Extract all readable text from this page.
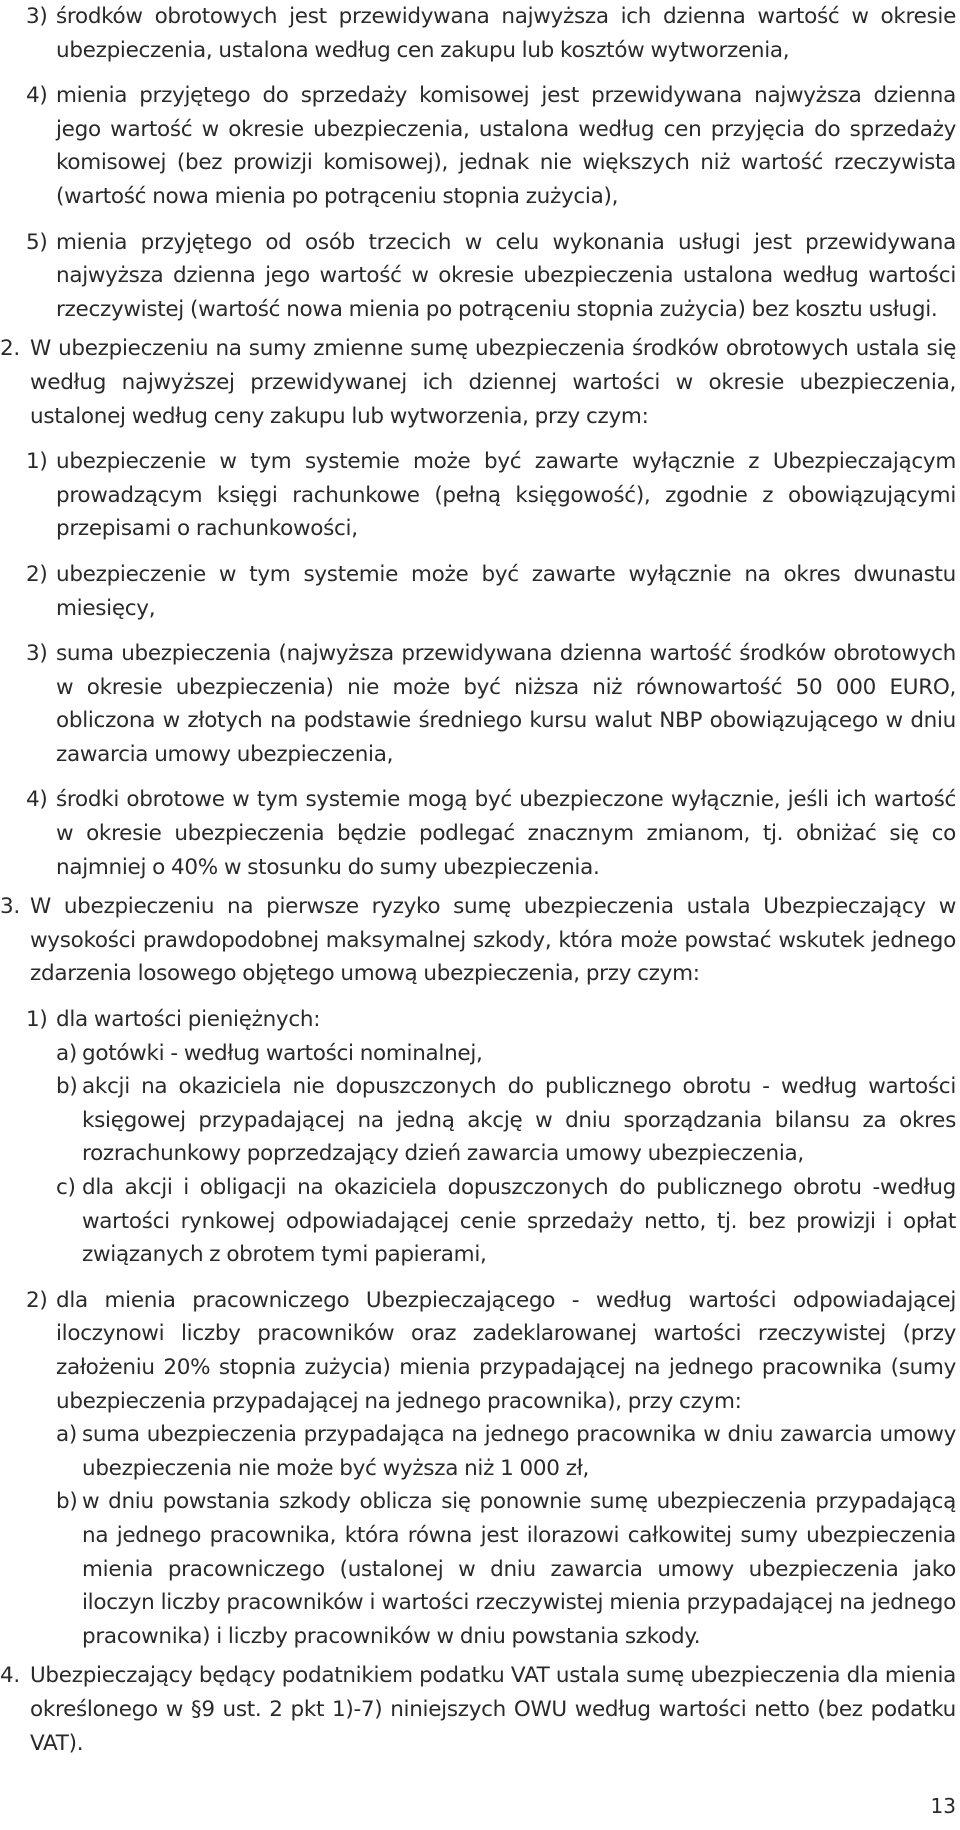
3) środków obrotowych jest przewidywana najwyższa ich dzienna wartość w okresie ubezpieczenia, ustalona według cen zakupu lub kosztów wytworzenia,
4) mienia przyjętego do sprzedaży komisowej jest przewidywana najwyższa dzienna jego wartość w okresie ubezpieczenia, ustalona według cen przyjęcia do sprzedaży komisowej (bez prowizji komisowej), jednak nie większych niż wartość rzeczywista (wartość nowa mienia po potrąceniu stopnia zużycia),
5) mienia przyjętego od osób trzecich w celu wykonania usługi jest przewidywana najwyższa dzienna jego wartość w okresie ubezpieczenia ustalona według wartości rzeczywistej (wartość nowa mienia po potrąceniu stopnia zużycia) bez kosztu usługi.
2. W ubezpieczeniu na sumy zmienne sumę ubezpieczenia środków obrotowych ustala się według najwyższej przewidywanej ich dziennej wartości w okresie ubezpieczenia, ustalonej według ceny zakupu lub wytworzenia, przy czym:
1) ubezpieczenie w tym systemie może być zawarte wyłącznie z Ubezpieczającym prowadzącym księgi rachunkowe (pełną księgowość), zgodnie z obowiązującymi przepisami o rachunkowości,
2) ubezpieczenie w tym systemie może być zawarte wyłącznie na okres dwunastu miesięcy,
3) suma ubezpieczenia (najwyższa przewidywana dzienna wartość środków obrotowych w okresie ubezpieczenia) nie może być niższa niż równowartość 50 000 EURO, obliczona w złotych na podstawie średniego kursu walut NBP obowiązującego w dniu zawarcia umowy ubezpieczenia,
4) środki obrotowe w tym systemie mogą być ubezpieczone wyłącznie, jeśli ich wartość w okresie ubezpieczenia będzie podlegać znacznym zmianom, tj. obniżać się co najmniej o 40% w stosunku do sumy ubezpieczenia.
3. W ubezpieczeniu na pierwsze ryzyko sumę ubezpieczenia ustala Ubezpieczający w wysokości prawdopodobnej maksymalnej szkody, która może powstać wskutek jednego zdarzenia losowego objętego umową ubezpieczenia, przy czym:
1) dla wartości pieniężnych:
a) gotówki - według wartości nominalnej,
b) akcji na okaziciela nie dopuszczonych do publicznego obrotu - według wartości księgowej przypadającej na jedną akcję w dniu sporządzania bilansu za okres rozrachunkowy poprzedzający dzień zawarcia umowy ubezpieczenia,
c) dla akcji i obligacji na okaziciela dopuszczonych do publicznego obrotu -według wartości rynkowej odpowiadającej cenie sprzedaży netto, tj. bez prowizji i opłat związanych z obrotem tymi papierami,
2) dla mienia pracowniczego Ubezpieczającego - według wartości odpowiadającej iloczynowi liczby pracowników oraz zadeklarowanej wartości rzeczywistej (przy założeniu 20% stopnia zużycia) mienia przypadającej na jednego pracownika (sumy ubezpieczenia przypadającej na jednego pracownika), przy czym:
a) suma ubezpieczenia przypadająca na jednego pracownika w dniu zawarcia umowy ubezpieczenia nie może być wyższa niż 1 000 zł,
b) w dniu powstania szkody oblicza się ponownie sumę ubezpieczenia przypadającą na jednego pracownika, która równa jest ilorazowi całkowitej sumy ubezpieczenia mienia pracowniczego (ustalonej w dniu zawarcia umowy ubezpieczenia jako iloczyn liczby pracowników i wartości rzeczywistej mienia przypadającej na jednego pracownika) i liczby pracowników w dniu powstania szkody.
4. Ubezpieczający będący podatnikiem podatku VAT ustala sumę ubezpieczenia dla mienia określonego w §9 ust. 2 pkt 1)-7) niniejszych OWU według wartości netto (bez podatku VAT).
13
